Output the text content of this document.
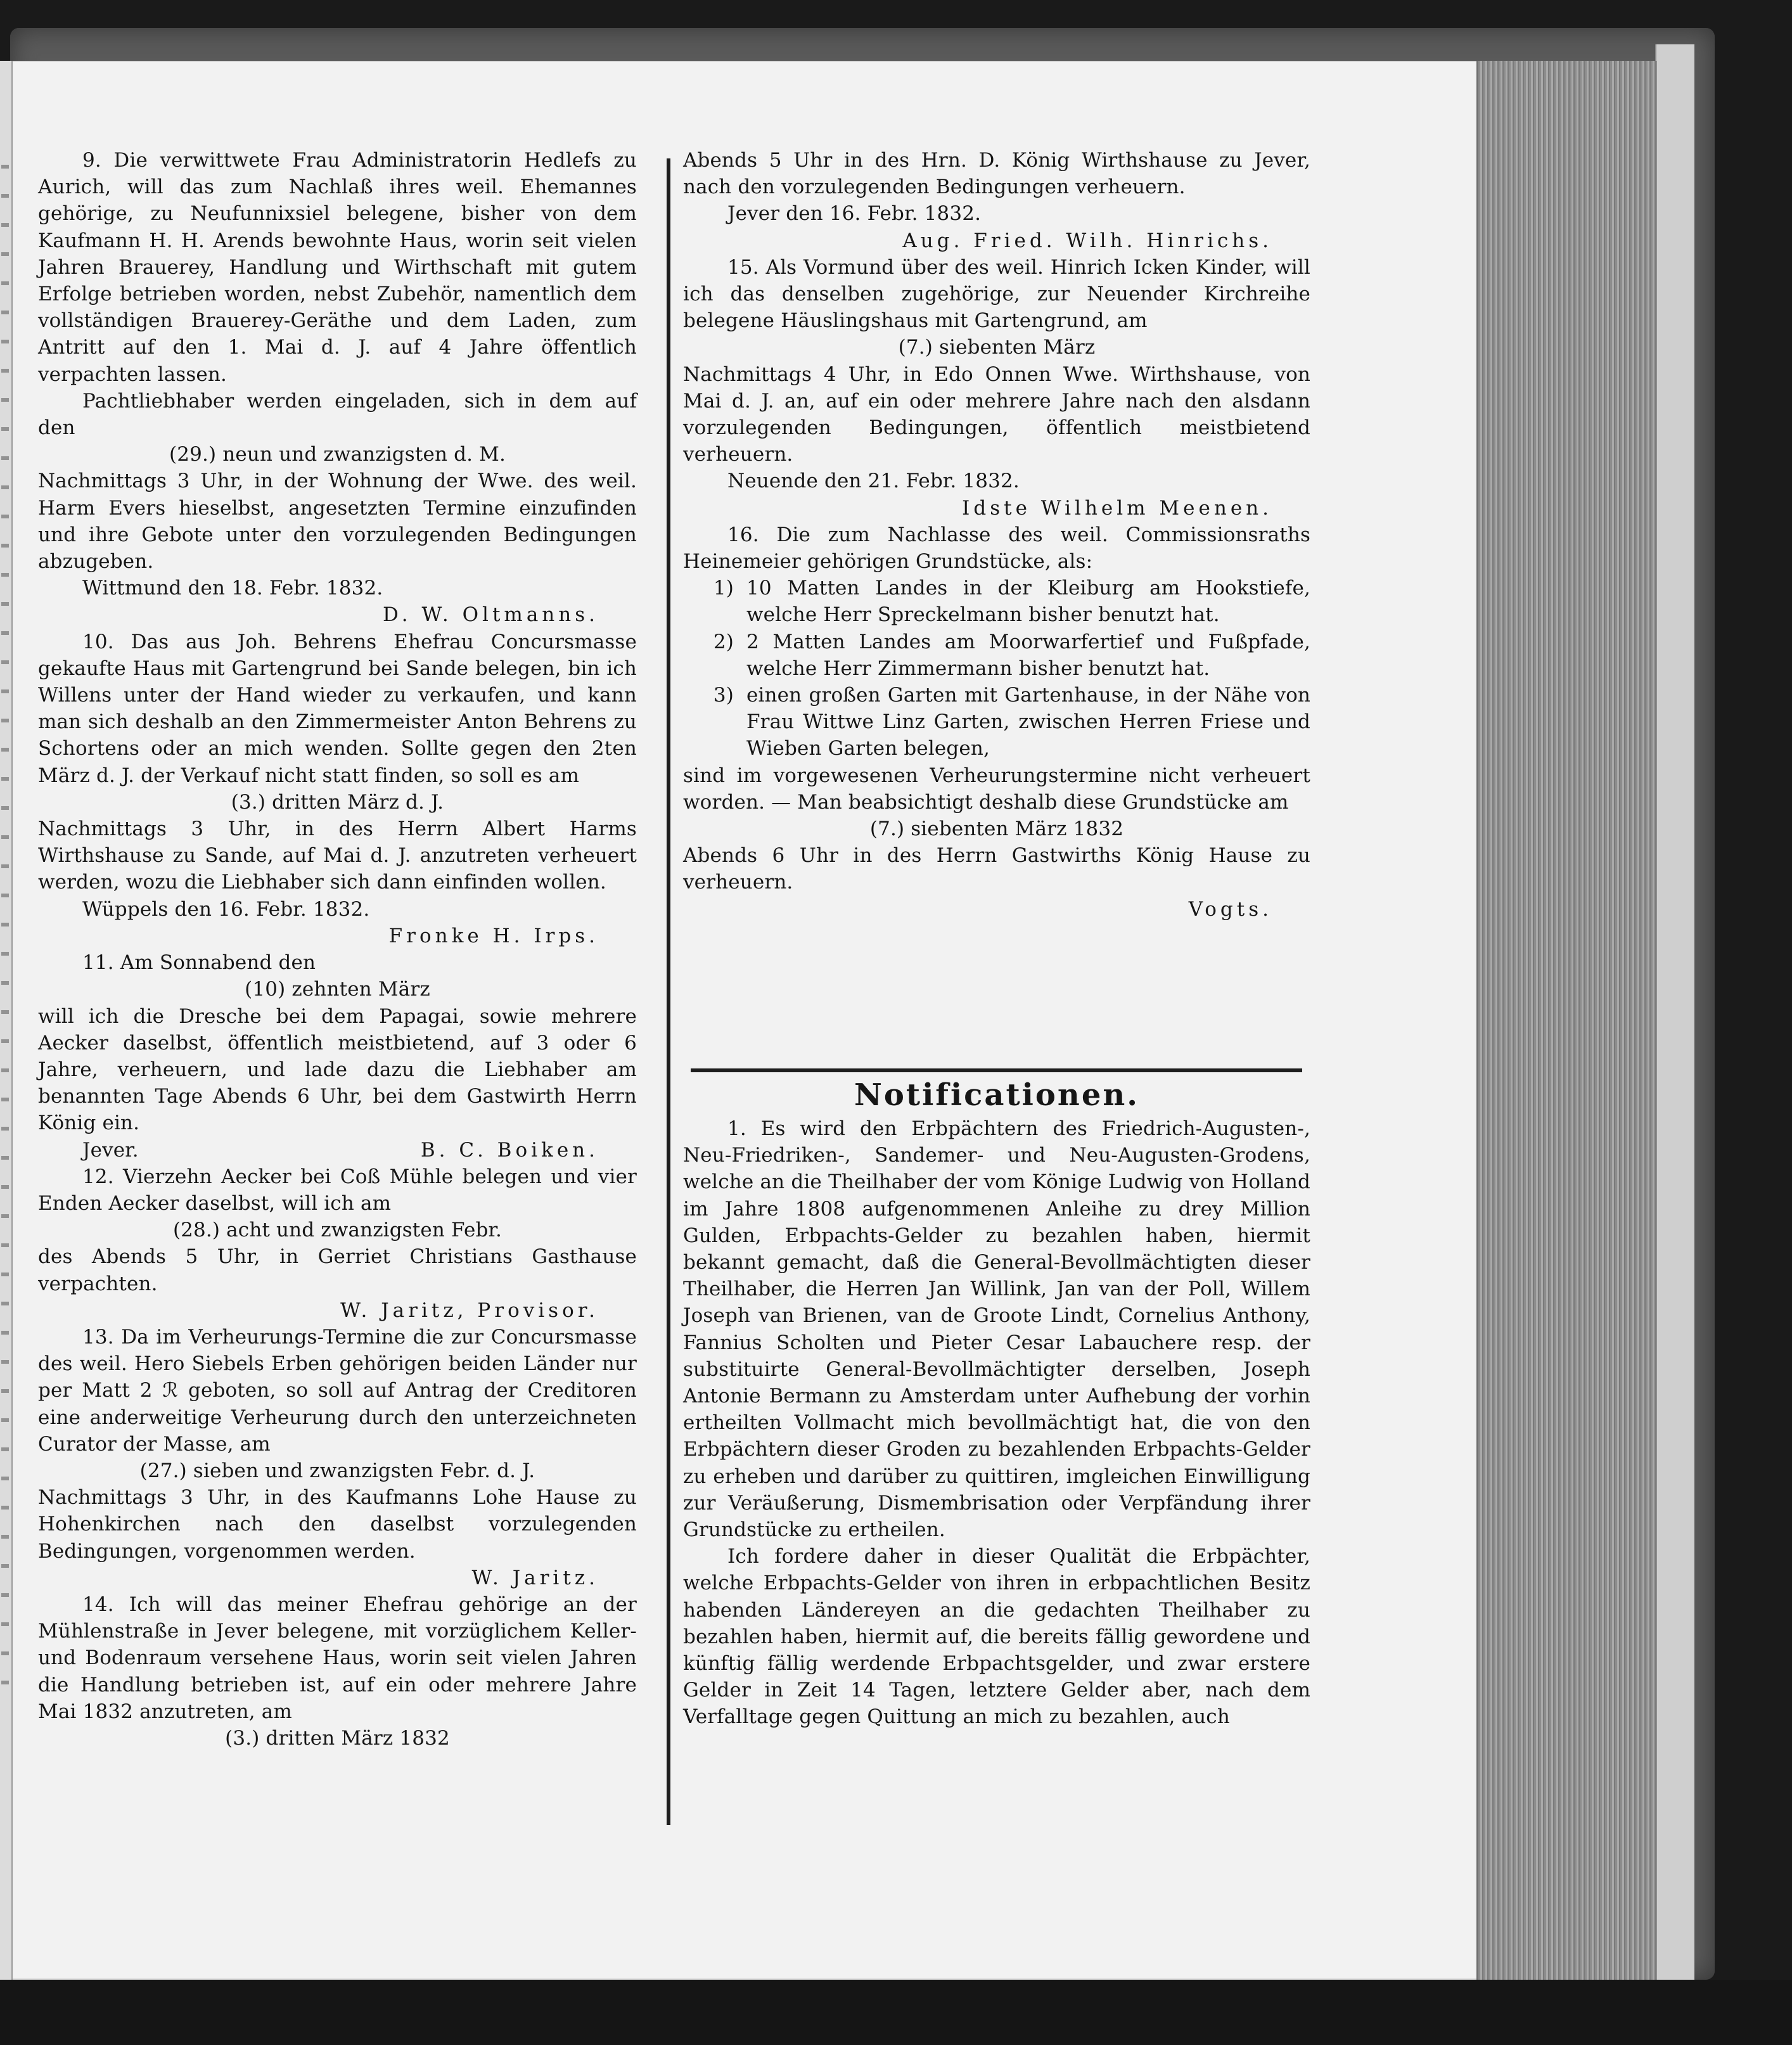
9. Die verwittwete Frau Administratorin Hedlefs zu Aurich, will das zum Nachlaß ihres weil. Ehemannes gehörige, zu Neufunnixsiel belegene, bisher von dem Kaufmann H. H. Arends bewohnte Haus, worin seit vielen Jahren Brauerey, Handlung und Wirthschaft mit gutem Erfolge betrieben worden, nebst Zubehör, namentlich dem vollständigen Brauerey-Geräthe und dem Laden, zum Antritt auf den 1. Mai d. J. auf 4 Jahre öffentlich verpachten lassen.

Pachtliebhaber werden eingeladen, sich in dem auf den

(29.) neun und zwanzigsten d. M.

Nachmittags 3 Uhr, in der Wohnung der Wwe. des weil. Harm Evers hieselbst, angesetzten Termine einzufinden und ihre Gebote unter den vorzulegenden Bedingungen abzugeben.

Wittmund den 18. Febr. 1832.

D. W. Oltmanns.

10. Das aus Joh. Behrens Ehefrau Concursmasse gekaufte Haus mit Gartengrund bei Sande belegen, bin ich Willens unter der Hand wieder zu verkaufen, und kann man sich deshalb an den Zimmermeister Anton Behrens zu Schortens oder an mich wenden. Sollte gegen den 2ten März d. J. der Verkauf nicht statt finden, so soll es am

(3.) dritten März d. J.

Nachmittags 3 Uhr, in des Herrn Albert Harms Wirthshause zu Sande, auf Mai d. J. anzutreten verheuert werden, wozu die Liebhaber sich dann einfinden wollen.

Wüppels den 16. Febr. 1832.

Fronke H. Irps.

11. Am Sonnabend den

(10) zehnten März

will ich die Dresche bei dem Papagai, sowie mehrere Aecker daselbst, öffentlich meistbietend, auf 3 oder 6 Jahre, verheuern, und lade dazu die Liebhaber am benannten Tage Abends 6 Uhr, bei dem Gastwirth Herrn König ein.

Jever.	B. C. Boiken.

12. Vierzehn Aecker bei Coß Mühle belegen und vier Enden Aecker daselbst, will ich am

(28.) acht und zwanzigsten Febr.

des Abends 5 Uhr, in Gerriet Christians Gasthause verpachten.

W. Jaritz, Provisor.

13. Da im Verheurungs-Termine die zur Concursmasse des weil. Hero Siebels Erben gehörigen beiden Länder nur per Matt 2 ℛ geboten, so soll auf Antrag der Creditoren eine anderweitige Verheurung durch den unterzeichneten Curator der Masse, am

(27.) sieben und zwanzigsten Febr. d. J.

Nachmittags 3 Uhr, in des Kaufmanns Lohe Hause zu Hohenkirchen nach den daselbst vorzulegenden Bedingungen, vorgenommen werden.

W. Jaritz.

14. Ich will das meiner Ehefrau gehörige an der Mühlenstraße in Jever belegene, mit vorzüglichem Keller- und Bodenraum versehene Haus, worin seit vielen Jahren die Handlung betrieben ist, auf ein oder mehrere Jahre Mai 1832 anzutreten, am

(3.) dritten März 1832

Abends 5 Uhr in des Hrn. D. König Wirthshause zu Jever, nach den vorzulegenden Bedingungen verheuern.

Jever den 16. Febr. 1832.

Aug. Fried. Wilh. Hinrichs.

15. Als Vormund über des weil. Hinrich Icken Kinder, will ich das denselben zugehörige, zur Neuender Kirchreihe belegene Häuslingshaus mit Gartengrund, am

(7.) siebenten März

Nachmittags 4 Uhr, in Edo Onnen Wwe. Wirthshause, von Mai d. J. an, auf ein oder mehrere Jahre nach den alsdann vorzulegenden Bedingungen, öffentlich meistbietend verheuern.

Neuende den 21. Febr. 1832.

Idste Wilhelm Meenen.

16. Die zum Nachlasse des weil. Commissionsraths Heinemeier gehörigen Grundstücke, als:

1) 10 Matten Landes in der Kleiburg am Hookstiefe, welche Herr Spreckelmann bisher benutzt hat.
2) 2 Matten Landes am Moorwarfertief und Fußpfade, welche Herr Zimmermann bisher benutzt hat.
3) einen großen Garten mit Gartenhause, in der Nähe von Frau Wittwe Linz Garten, zwischen Herren Friese und Wieben Garten belegen,

sind im vorgewesenen Verheurungstermine nicht verheuert worden. — Man beabsichtigt deshalb diese Grundstücke am

(7.) siebenten März 1832

Abends 6 Uhr in des Herrn Gastwirths König Hause zu verheuern.

Vogts.

Notificationen.

1. Es wird den Erbpächtern des Friedrich-Augusten-, Neu-Friedriken-, Sandemer- und Neu-Augusten-Grodens, welche an die Theilhaber der vom Könige Ludwig von Holland im Jahre 1808 aufgenommenen Anleihe zu drey Million Gulden, Erbpachts-Gelder zu bezahlen haben, hiermit bekannt gemacht, daß die General-Bevollmächtigten dieser Theilhaber, die Herren Jan Willink, Jan van der Poll, Willem Joseph van Brienen, van de Groote Lindt, Cornelius Anthony, Fannius Scholten und Pieter Cesar Labauchere resp. der substituirte General-Bevollmächtigter derselben, Joseph Antonie Bermann zu Amsterdam unter Aufhebung der vorhin ertheilten Vollmacht mich bevollmächtigt hat, die von den Erbpächtern dieser Groden zu bezahlenden Erbpachts-Gelder zu erheben und darüber zu quittiren, imgleichen Einwilligung zur Veräußerung, Dismembrisation oder Verpfändung ihrer Grundstücke zu ertheilen.

Ich fordere daher in dieser Qualität die Erbpächter, welche Erbpachts-Gelder von ihren in erbpachtlichen Besitz habenden Ländereyen an die gedachten Theilhaber zu bezahlen haben, hiermit auf, die bereits fällig gewordene und künftig fällig werdende Erbpachtsgelder, und zwar erstere Gelder in Zeit 14 Tagen, letztere Gelder aber, nach dem Verfalltage gegen Quittung an mich zu bezahlen, auch
